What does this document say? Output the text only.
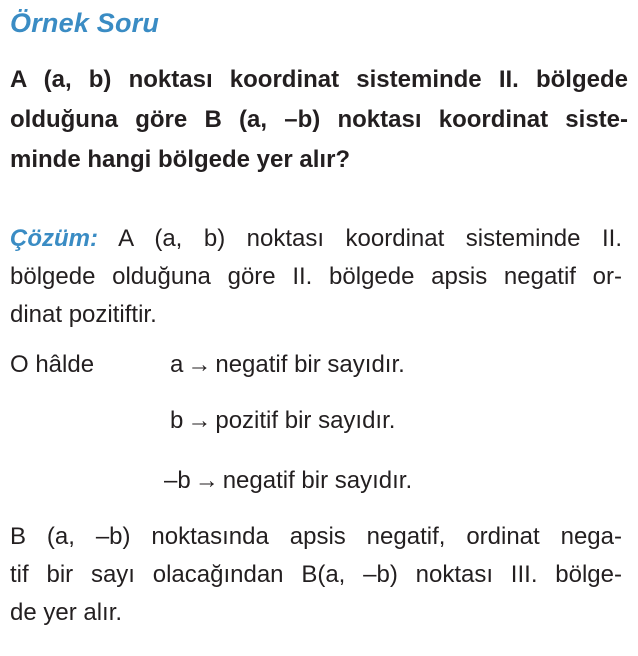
Örnek Soru
A (a, b) noktası koordinat sisteminde II. bölgede
olduğuna göre B (a, –b) noktası koordinat siste-
minde hangi bölgede yer alır?
Çözüm: A (a, b) noktası koordinat sisteminde II.
bölgede olduğuna göre II. bölgede apsis negatif or-
dinat pozitiftir.
O hâlde	a → negatif bir sayıdır.
b → pozitif bir sayıdır.
–b → negatif bir sayıdır.
B (a, –b) noktasında apsis negatif, ordinat nega-
tif bir sayı olacağından B(a, –b) noktası III. bölge-
de yer alır.
